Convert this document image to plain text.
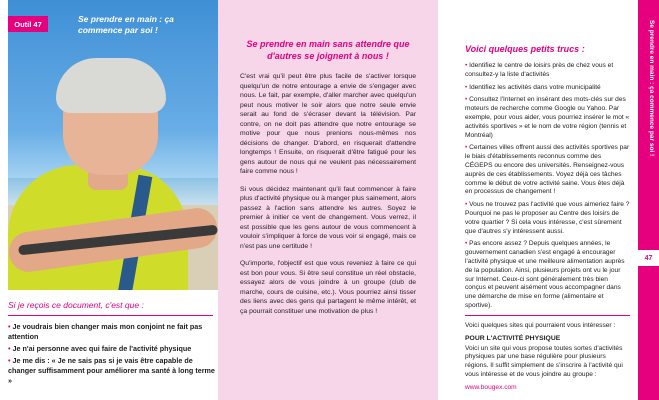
Outil 47	Se prendre en main : ça commence par soi !
Si je reçois ce document, c'est que :
• Je voudrais bien changer mais mon conjoint ne fait pas attention
• Je n'ai personne avec qui faire de l'activité physique
• Je me dis : « Je ne sais pas si je vais être capable de changer suffisamment pour améliorer ma santé à long terme »
Se prendre en main sans attendre que d'autres se joignent à nous !

C'est vrai qu'il peut être plus facile de s'activer lorsque quelqu'un de notre entourage a envie de s'engager avec nous. Le fait, par exemple, d'aller marcher avec quelqu'un peut nous motiver le soir alors que notre seule envie serait au fond de s'écraser devant la télévision. Par contre, on ne doit pas attendre que notre entourage se motive pour que nous prenions nous-mêmes nos décisions de changer. D'abord, en risquerait d'attendre longtemps ! Ensuite, on risquerait d'être fatigué pour les gens autour de nous qui ne veulent pas nécessairement faire comme nous !

Si vous décidez maintenant qu'il faut commencer à faire plus d'activité physique ou à manger plus sainement, alors passez à l'action sans attendre les autres. Soyez le premier à initier ce vent de changement. Vous verrez, il est possible que les gens autour de vous commencent à vouloir s'impliquer à force de vous voir si engagé, mais ce n'est pas une certitude !

Qu'importe, l'objectif est que vous reveniez à faire ce qui est bon pour vous. Si être seul constitue un réel obstacle, essayez alors de vous joindre à un groupe (club de marche, cours de cuisine, etc.). Vous pourriez ainsi tisser des liens avec des gens qui partagent le même intérêt, et ça pourrait constituer une motivation de plus !

Voici quelques petits trucs :
• Identifiez le centre de loisirs près de chez vous et consultez-y la liste d'activités
• Identifiez les activités dans votre municipalité
• Consultez l'Internet en insérant des mots-clés sur des moteurs de recherche comme Google ou Yahoo. Par exemple, pour vous aider, vous pourriez insérer le mot « activités sportives » et le nom de votre région (tennis et Montréal)
• Certaines villes offrent aussi des activités sportives par le biais d'établissements reconnus comme des CÉGEPS ou encore des universités. Renseignez-vous auprès de ces établissements. Voyez déjà ces tâches comme le début de votre activité saine. Vous êtes déjà en processus de changement !
• Vous ne trouvez pas l'activité que vous aimeriez faire ? Pourquoi ne pas le proposer au Centre des loisirs de votre quartier ? Si cela vous intéresse, c'est sûrement que d'autres s'y intéressent aussi.
• Pas encore assez ? Depuis quelques années, le gouvernement canadien s'est engagé à encourager l'activité physique et une meilleure alimentation auprès de la population. Ainsi, plusieurs projets ont vu le jour sur Internet. Ceux-ci sont généralement très bien conçus et peuvent aisément vous accompagner dans une démarche de mise en forme (alimentaire et sportive).
Voici quelques sites qui pourraient vous intéresser :
POUR L'ACTIVITÉ PHYSIQUE
Voici un site qui vous propose toutes sortes d'activités physiques par une base régulière pour plusieurs régions. Il suffit simplement de s'inscrire à l'activité qui vous intéresse et de vous joindre au groupe :
www.bougex.com
Se prendre en main : ça commence par soi !
47
